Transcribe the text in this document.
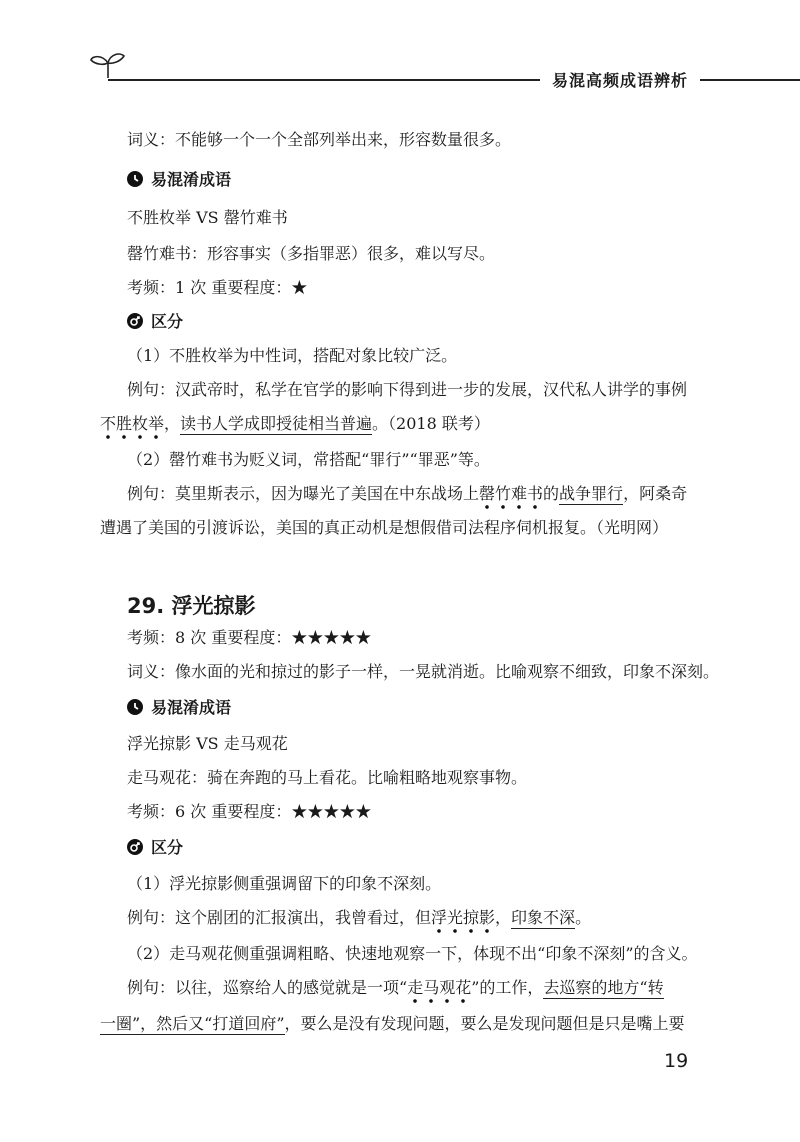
易混高频成语辨析
词义：不能够一个一个全部列举出来，形容数量很多。
易混淆成语
不胜枚举 VS 罄竹难书
罄竹难书：形容事实（多指罪恶）很多，难以写尽。
考频：1 次 重要程度：★
区分
（1）不胜枚举为中性词，搭配对象比较广泛。
例句：汉武帝时，私学在官学的影响下得到进一步的发展，汉代私人讲学的事例
不胜枚举，读书人学成即授徒相当普遍。（2018 联考）
（2）罄竹难书为贬义词，常搭配“罪行”“罪恶”等。
例句：莫里斯表示，因为曝光了美国在中东战场上罄竹难书的战争罪行，阿桑奇
遭遇了美国的引渡诉讼，美国的真正动机是想假借司法程序伺机报复。（光明网）
29. 浮光掠影
考频：8 次 重要程度：★★★★★
词义：像水面的光和掠过的影子一样，一晃就消逝。比喻观察不细致，印象不深刻。
易混淆成语
浮光掠影 VS 走马观花
走马观花：骑在奔跑的马上看花。比喻粗略地观察事物。
考频：6 次 重要程度：★★★★★
区分
（1）浮光掠影侧重强调留下的印象不深刻。
例句：这个剧团的汇报演出，我曾看过，但浮光掠影，印象不深。
（2）走马观花侧重强调粗略、快速地观察一下，体现不出“印象不深刻”的含义。
例句：以往，巡察给人的感觉就是一项“走马观花”的工作，去巡察的地方“转
一圈”，然后又“打道回府”，要么是没有发现问题，要么是发现问题但是只是嘴上要
19
